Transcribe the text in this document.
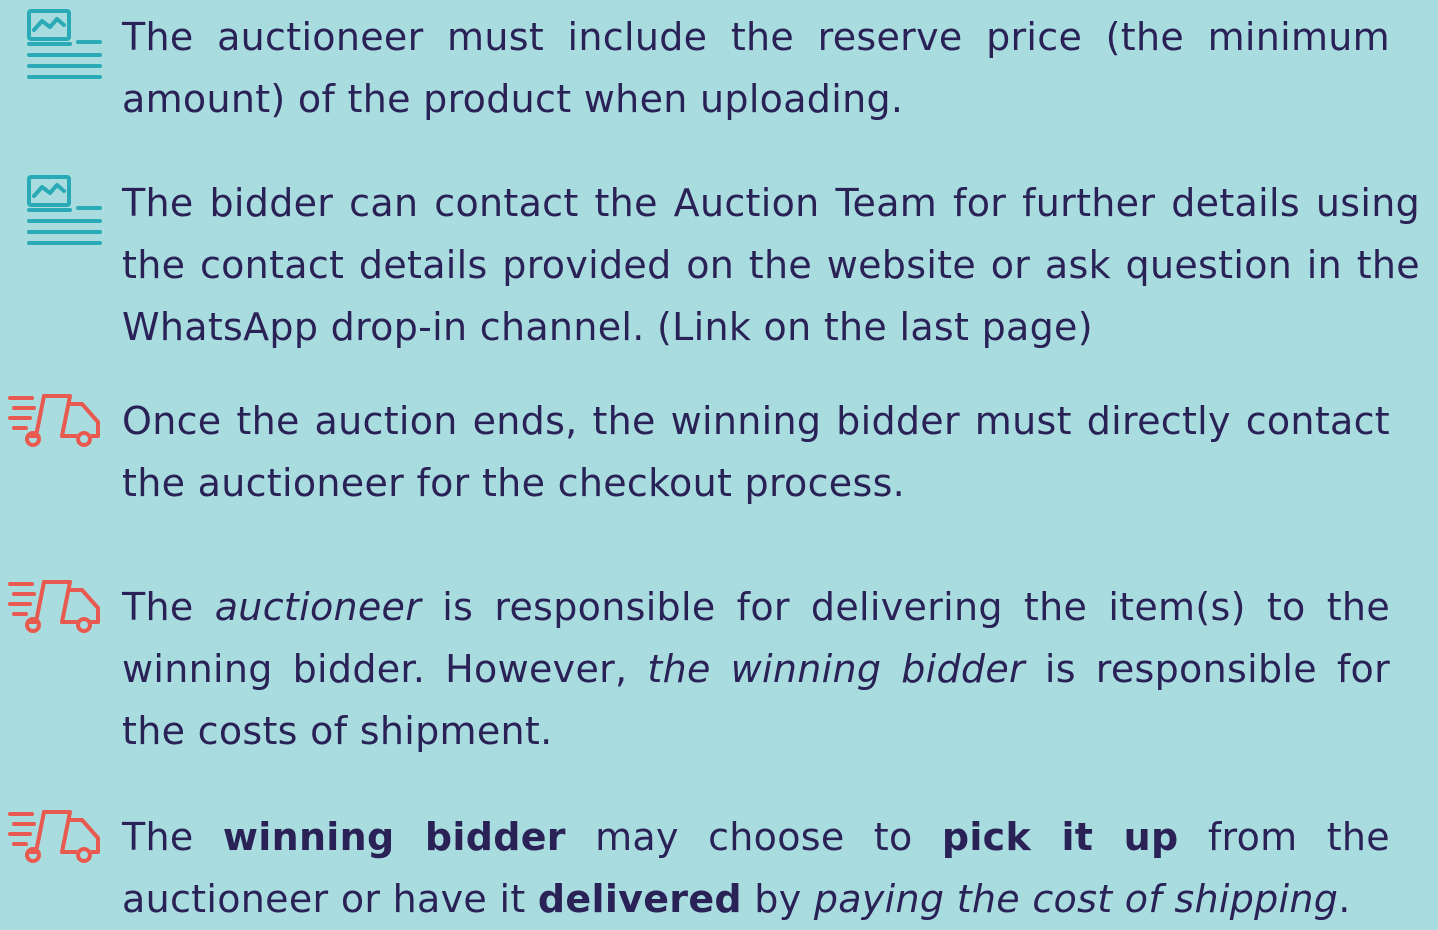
The auctioneer must include the reserve price (the minimum amount) of the product when uploading.

The bidder can contact the Auction Team for further details using the contact details provided on the website or ask question in the WhatsApp drop-in channel. (Link on the last page)

Once the auction ends, the winning bidder must directly contact the auctioneer for the checkout process.

The auctioneer is responsible for delivering the item(s) to the winning bidder. However, the winning bidder is responsible for the costs of shipment.

The winning bidder may choose to pick it up from the auctioneer or have it delivered by paying the cost of shipping.
